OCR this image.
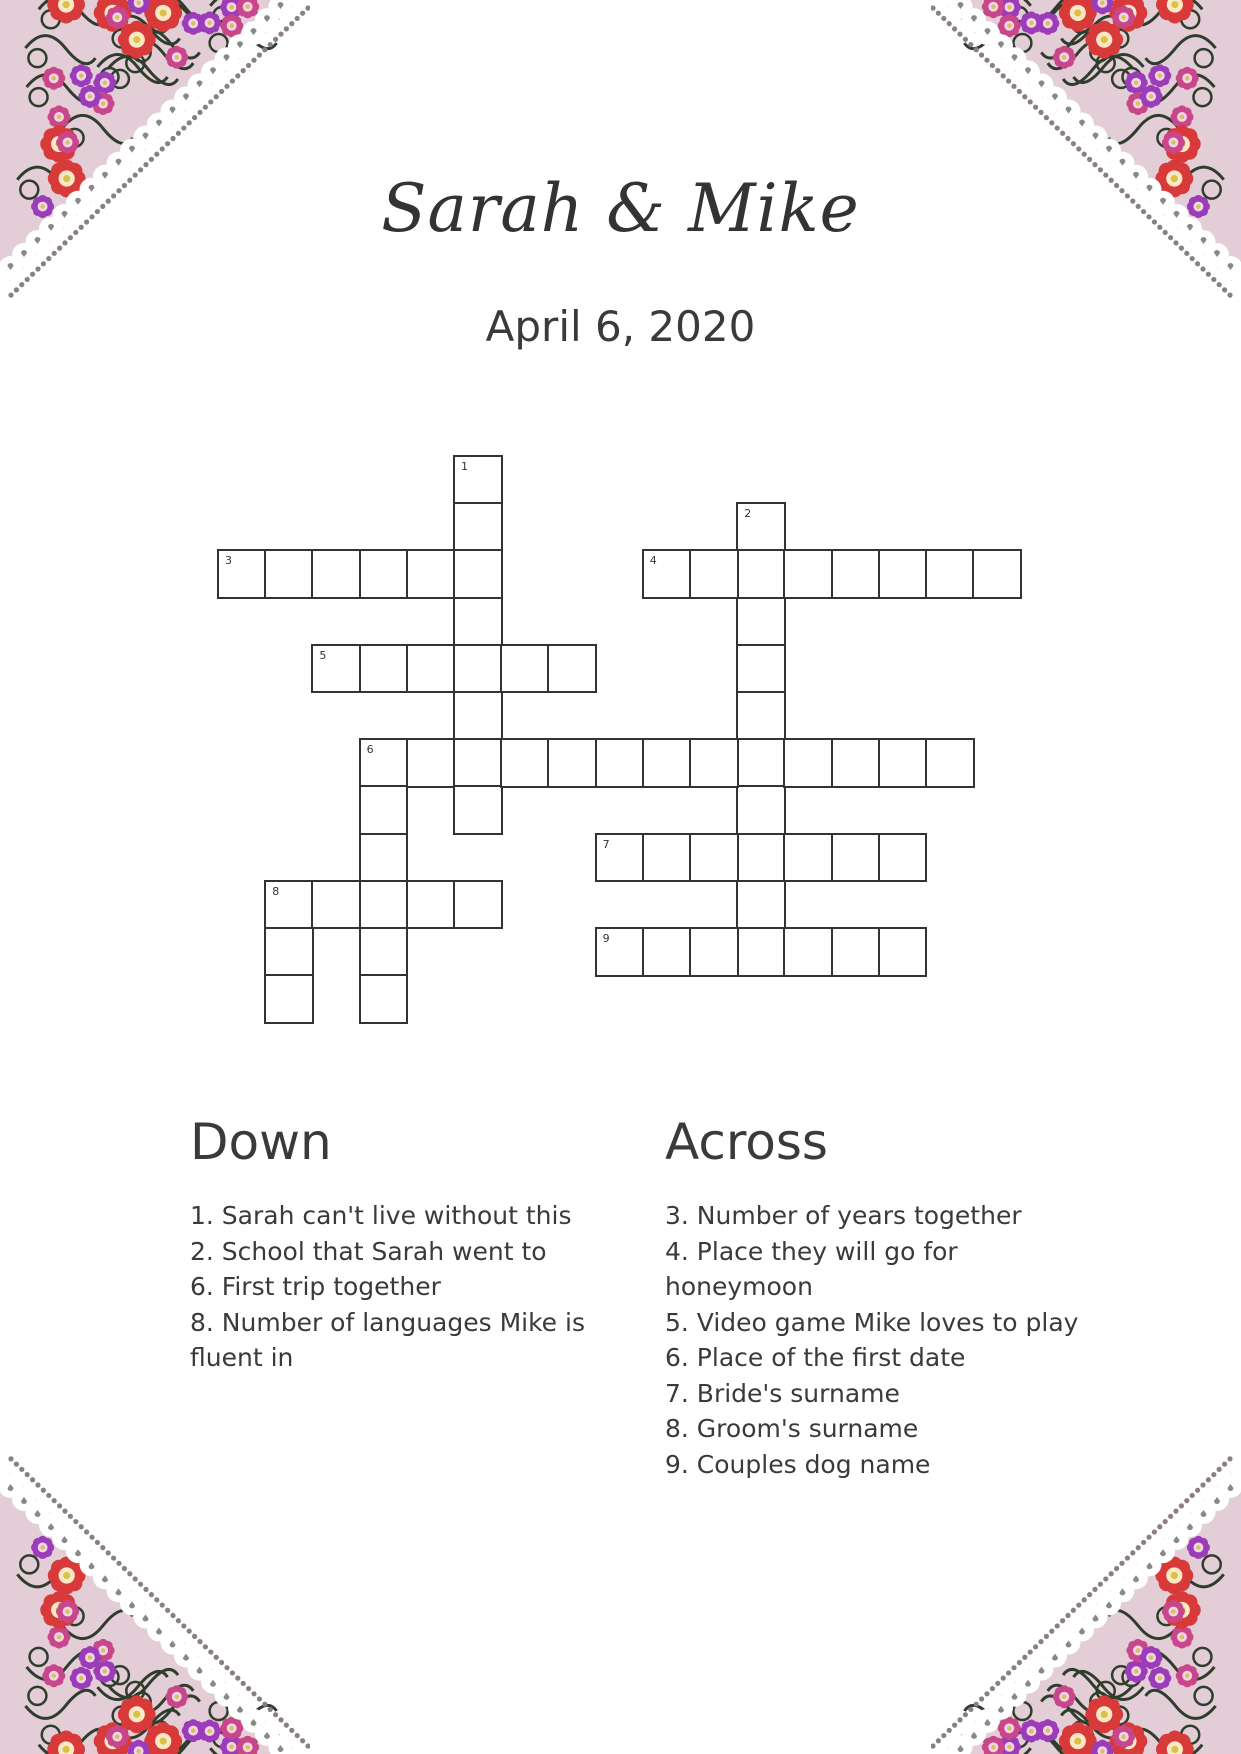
Sarah & Mike
April 6, 2020
1
2
3	4
5
6
7
8
9
Down
1. Sarah can't live without this
2. School that Sarah went to
6. First trip together
8. Number of languages Mike is fluent in
Across
3. Number of years together
4. Place they will go for honeymoon
5. Video game Mike loves to play
6. Place of the first date
7. Bride's surname
8. Groom's surname
9. Couples dog name
